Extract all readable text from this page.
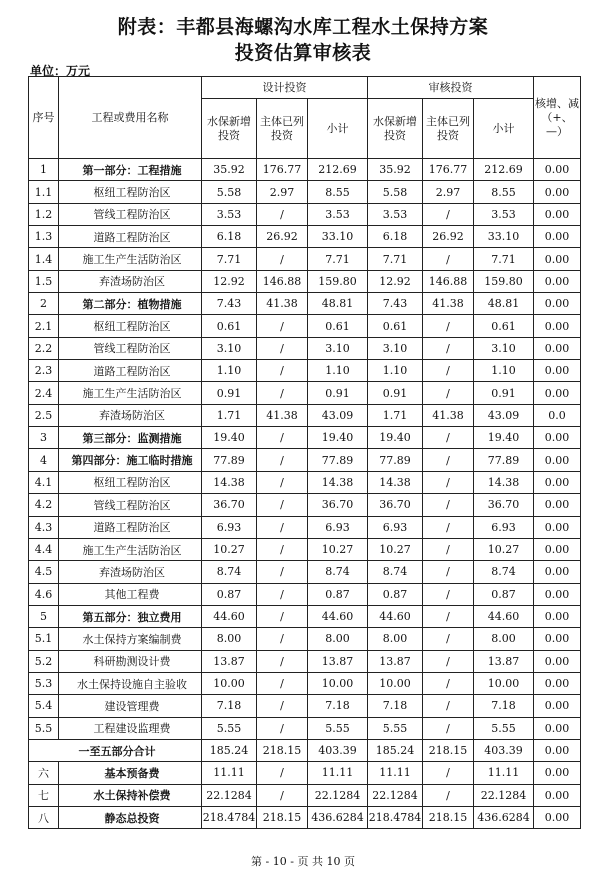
附表：丰都县海螺沟水库工程水土保持方案
投资估算审核表
单位：万元
序号	工程或费用名称	设计投资			审核投资			核增、减（+、—）
		水保新增投资	主体已列投资	小计	水保新增投资	主体已列投资	小计	
1	第一部分：工程措施	35.92	176.77	212.69	35.92	176.77	212.69	0.00
1.1	枢纽工程防治区	5.58	2.97	8.55	5.58	2.97	8.55	0.00
1.2	管线工程防治区	3.53	/	3.53	3.53	/	3.53	0.00
1.3	道路工程防治区	6.18	26.92	33.10	6.18	26.92	33.10	0.00
1.4	施工生产生活防治区	7.71	/	7.71	7.71	/	7.71	0.00
1.5	弃渣场防治区	12.92	146.88	159.80	12.92	146.88	159.80	0.00
2	第二部分：植物措施	7.43	41.38	48.81	7.43	41.38	48.81	0.00
2.1	枢纽工程防治区	0.61	/	0.61	0.61	/	0.61	0.00
2.2	管线工程防治区	3.10	/	3.10	3.10	/	3.10	0.00
2.3	道路工程防治区	1.10	/	1.10	1.10	/	1.10	0.00
2.4	施工生产生活防治区	0.91	/	0.91	0.91	/	0.91	0.00
2.5	弃渣场防治区	1.71	41.38	43.09	1.71	41.38	43.09	0.0
3	第三部分：监测措施	19.40	/	19.40	19.40	/	19.40	0.00
4	第四部分：施工临时措施	77.89	/	77.89	77.89	/	77.89	0.00
4.1	枢纽工程防治区	14.38	/	14.38	14.38	/	14.38	0.00
4.2	管线工程防治区	36.70	/	36.70	36.70	/	36.70	0.00
4.3	道路工程防治区	6.93	/	6.93	6.93	/	6.93	0.00
4.4	施工生产生活防治区	10.27	/	10.27	10.27	/	10.27	0.00
4.5	弃渣场防治区	8.74	/	8.74	8.74	/	8.74	0.00
4.6	其他工程费	0.87	/	0.87	0.87	/	0.87	0.00
5	第五部分：独立费用	44.60	/	44.60	44.60	/	44.60	0.00
5.1	水土保持方案编制费	8.00	/	8.00	8.00	/	8.00	0.00
5.2	科研勘测设计费	13.87	/	13.87	13.87	/	13.87	0.00
5.3	水土保持设施自主验收	10.00	/	10.00	10.00	/	10.00	0.00
5.4	建设管理费	7.18	/	7.18	7.18	/	7.18	0.00
5.5	工程建设监理费	5.55	/	5.55	5.55	/	5.55	0.00
一至五部分合计		185.24	218.15	403.39	185.24	218.15	403.39	0.00
六	基本预备费	11.11	/	11.11	11.11	/	11.11	0.00
七	水土保持补偿费	22.1284	/	22.1284	22.1284	/	22.1284	0.00
八	静态总投资	218.4784	218.15	436.6284	218.4784	218.15	436.6284	0.00
第 - 10 - 页 共 10 页
